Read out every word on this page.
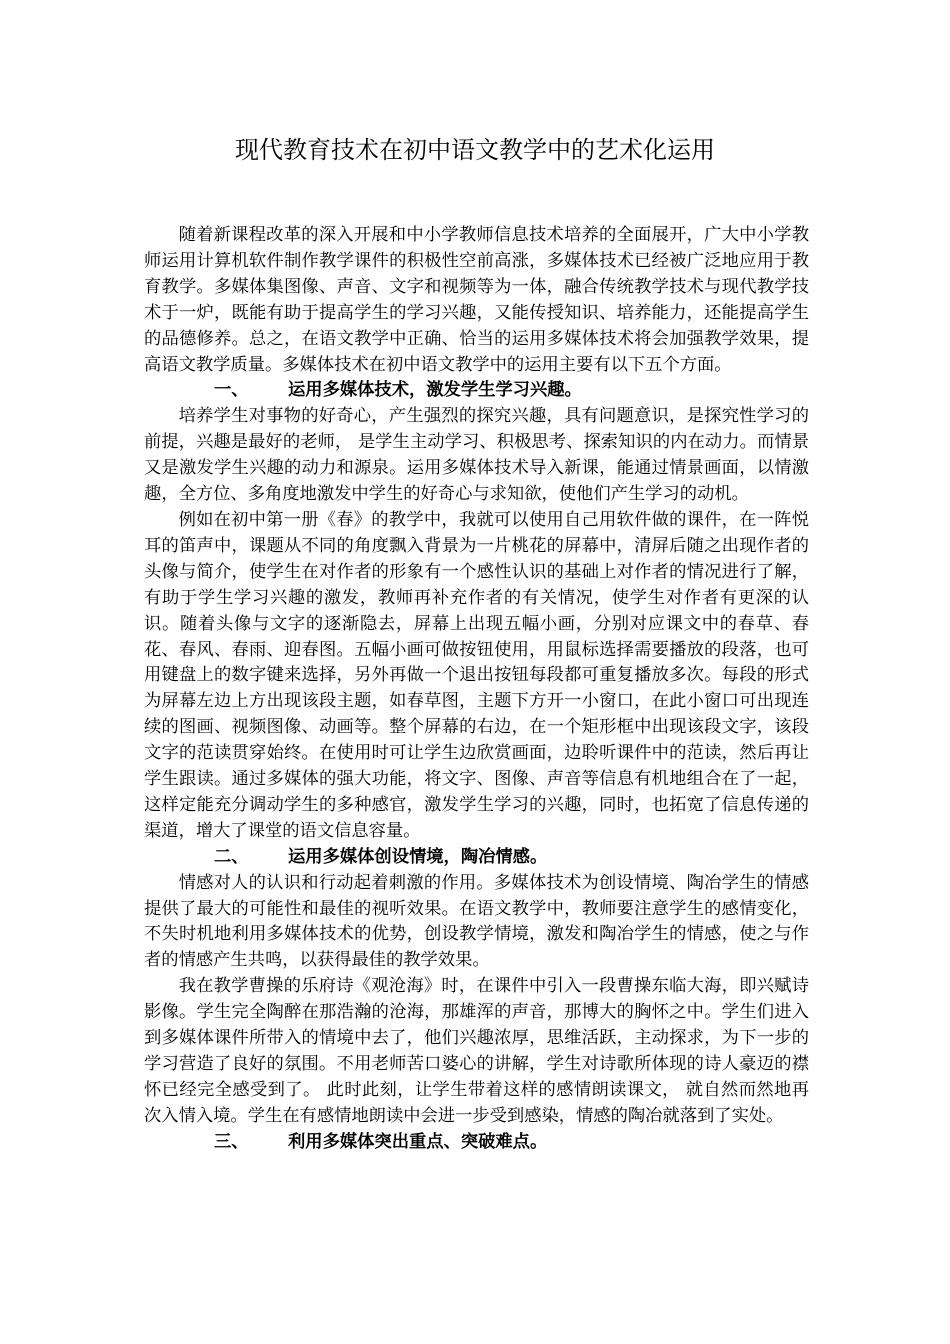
现代教育技术在初中语文教学中的艺术化运用

随着新课程改革的深入开展和中小学教师信息技术培养的全面展开，广大中小学教师运用计算机软件制作教学课件的积极性空前高涨，多媒体技术已经被广泛地应用于教育教学。多媒体集图像、声音、文字和视频等为一体，融合传统教学技术与现代教学技术于一炉，既能有助于提高学生的学习兴趣，又能传授知识、培养能力，还能提高学生的品德修养。总之，在语文教学中正确、恰当的运用多媒体技术将会加强教学效果，提高语文教学质量。多媒体技术在初中语文教学中的运用主要有以下五个方面。

一、 运用多媒体技术，激发学生学习兴趣。

培养学生对事物的好奇心，产生强烈的探究兴趣，具有问题意识，是探究性学习的前提，兴趣是最好的老师， 是学生主动学习、积极思考、探索知识的内在动力。而情景又是激发学生兴趣的动力和源泉。运用多媒体技术导入新课，能通过情景画面，以情激趣，全方位、多角度地激发中学生的好奇心与求知欲，使他们产生学习的动机。

例如在初中第一册《春》的教学中，我就可以使用自己用软件做的课件，在一阵悦耳的笛声中，课题从不同的角度飘入背景为一片桃花的屏幕中，清屏后随之出现作者的头像与简介，使学生在对作者的形象有一个感性认识的基础上对作者的情况进行了解，有助于学生学习兴趣的激发，教师再补充作者的有关情况，使学生对作者有更深的认识。随着头像与文字的逐渐隐去，屏幕上出现五幅小画，分别对应课文中的春草、春花、春风、春雨、迎春图。五幅小画可做按钮使用，用鼠标选择需要播放的段落，也可用键盘上的数字键来选择，另外再做一个退出按钮每段都可重复播放多次。每段的形式为屏幕左边上方出现该段主题，如春草图，主题下方开一小窗口，在此小窗口可出现连续的图画、视频图像、动画等。整个屏幕的右边，在一个矩形框中出现该段文字，该段文字的范读贯穿始终。在使用时可让学生边欣赏画面，边聆听课件中的范读，然后再让学生跟读。通过多媒体的强大功能，将文字、图像、声音等信息有机地组合在了一起，这样定能充分调动学生的多种感官，激发学生学习的兴趣，同时，也拓宽了信息传递的渠道，增大了课堂的语文信息容量。

二、 运用多媒体创设情境，陶冶情感。

情感对人的认识和行动起着刺激的作用。多媒体技术为创设情境、陶冶学生的情感提供了最大的可能性和最佳的视听效果。在语文教学中，教师要注意学生的感情变化，不失时机地利用多媒体技术的优势，创设教学情境，激发和陶冶学生的情感，使之与作者的情感产生共鸣，以获得最佳的教学效果。

我在教学曹操的乐府诗《观沧海》时，在课件中引入一段曹操东临大海，即兴赋诗影像。学生完全陶醉在那浩瀚的沧海，那雄浑的声音，那博大的胸怀之中。学生们进入到多媒体课件所带入的情境中去了，他们兴趣浓厚，思维活跃，主动探求，为下一步的学习营造了良好的氛围。不用老师苦口婆心的讲解，学生对诗歌所体现的诗人豪迈的襟怀已经完全感受到了。 此时此刻，让学生带着这样的感情朗读课文， 就自然而然地再次入情入境。学生在有感情地朗读中会进一步受到感染，情感的陶冶就落到了实处。

三、 利用多媒体突出重点、突破难点。
